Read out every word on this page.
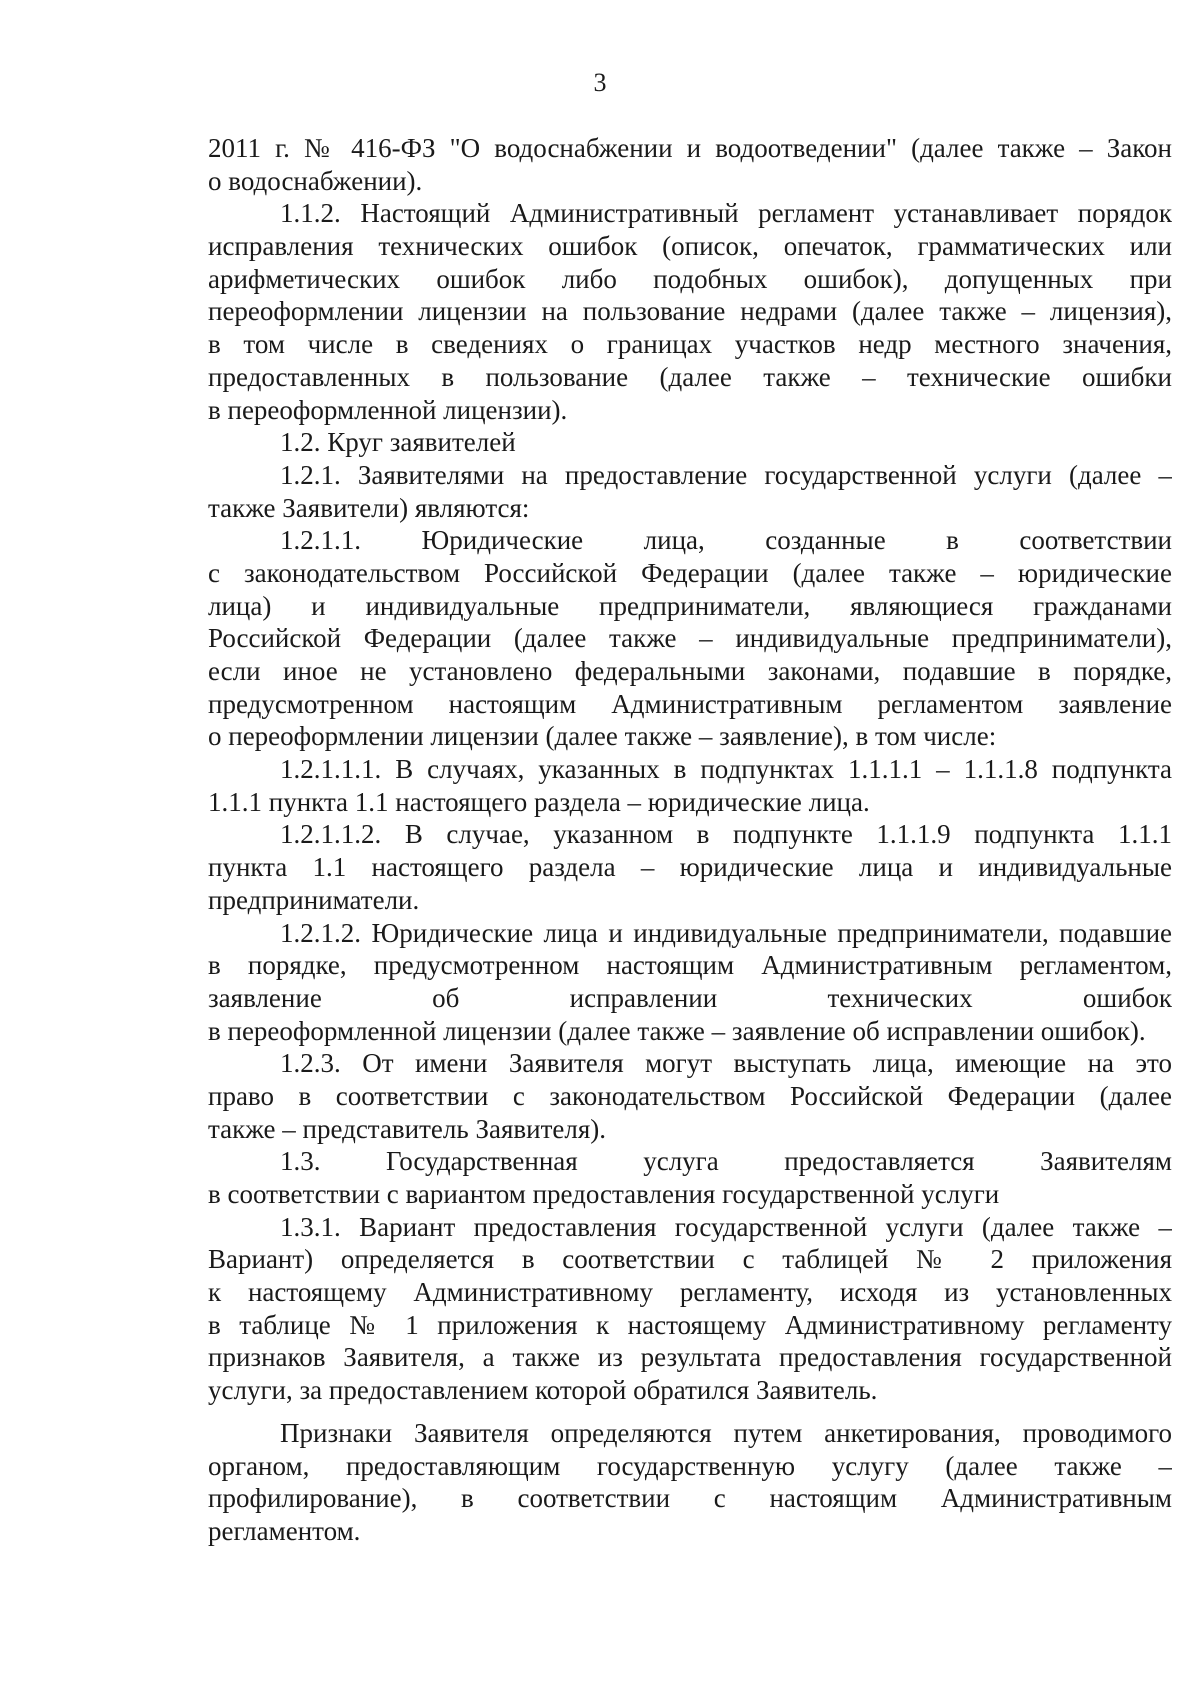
3
2011 г. № 416-ФЗ "О водоснабжении и водоотведении" (далее также – Закон
о водоснабжении).
1.1.2. Настоящий Административный регламент устанавливает порядок
исправления технических ошибок (описок, опечаток, грамматических или
арифметических ошибок либо подобных ошибок), допущенных при
переоформлении лицензии на пользование недрами (далее также – лицензия),
в том числе в сведениях о границах участков недр местного значения,
предоставленных в пользование (далее также – технические ошибки
в переоформленной лицензии).
1.2. Круг заявителей
1.2.1. Заявителями на предоставление государственной услуги (далее –
также Заявители) являются:
1.2.1.1. Юридические лица, созданные в соответствии
с законодательством Российской Федерации (далее также – юридические
лица) и индивидуальные предприниматели, являющиеся гражданами
Российской Федерации (далее также – индивидуальные предприниматели),
если иное не установлено федеральными законами, подавшие в порядке,
предусмотренном настоящим Административным регламентом заявление
о переоформлении лицензии (далее также – заявление), в том числе:
1.2.1.1.1. В случаях, указанных в подпунктах 1.1.1.1 – 1.1.1.8 подпункта
1.1.1 пункта 1.1 настоящего раздела – юридические лица.
1.2.1.1.2. В случае, указанном в подпункте 1.1.1.9 подпункта 1.1.1
пункта 1.1 настоящего раздела – юридические лица и индивидуальные
предприниматели.
1.2.1.2. Юридические лица и индивидуальные предприниматели, подавшие
в порядке, предусмотренном настоящим Административным регламентом,
заявление об исправлении технических ошибок
в переоформленной лицензии (далее также – заявление об исправлении ошибок).
1.2.3. От имени Заявителя могут выступать лица, имеющие на это
право в соответствии с законодательством Российской Федерации (далее
также – представитель Заявителя).
1.3. Государственная услуга предоставляется Заявителям
в соответствии с вариантом предоставления государственной услуги
1.3.1. Вариант предоставления государственной услуги (далее также –
Вариант) определяется в соответствии с таблицей № 2 приложения
к настоящему Административному регламенту, исходя из установленных
в таблице № 1 приложения к настоящему Административному регламенту
признаков Заявителя, а также из результата предоставления государственной
услуги, за предоставлением которой обратился Заявитель.
Признаки Заявителя определяются путем анкетирования, проводимого
органом, предоставляющим государственную услугу (далее также –
профилирование), в соответствии с настоящим Административным
регламентом.
